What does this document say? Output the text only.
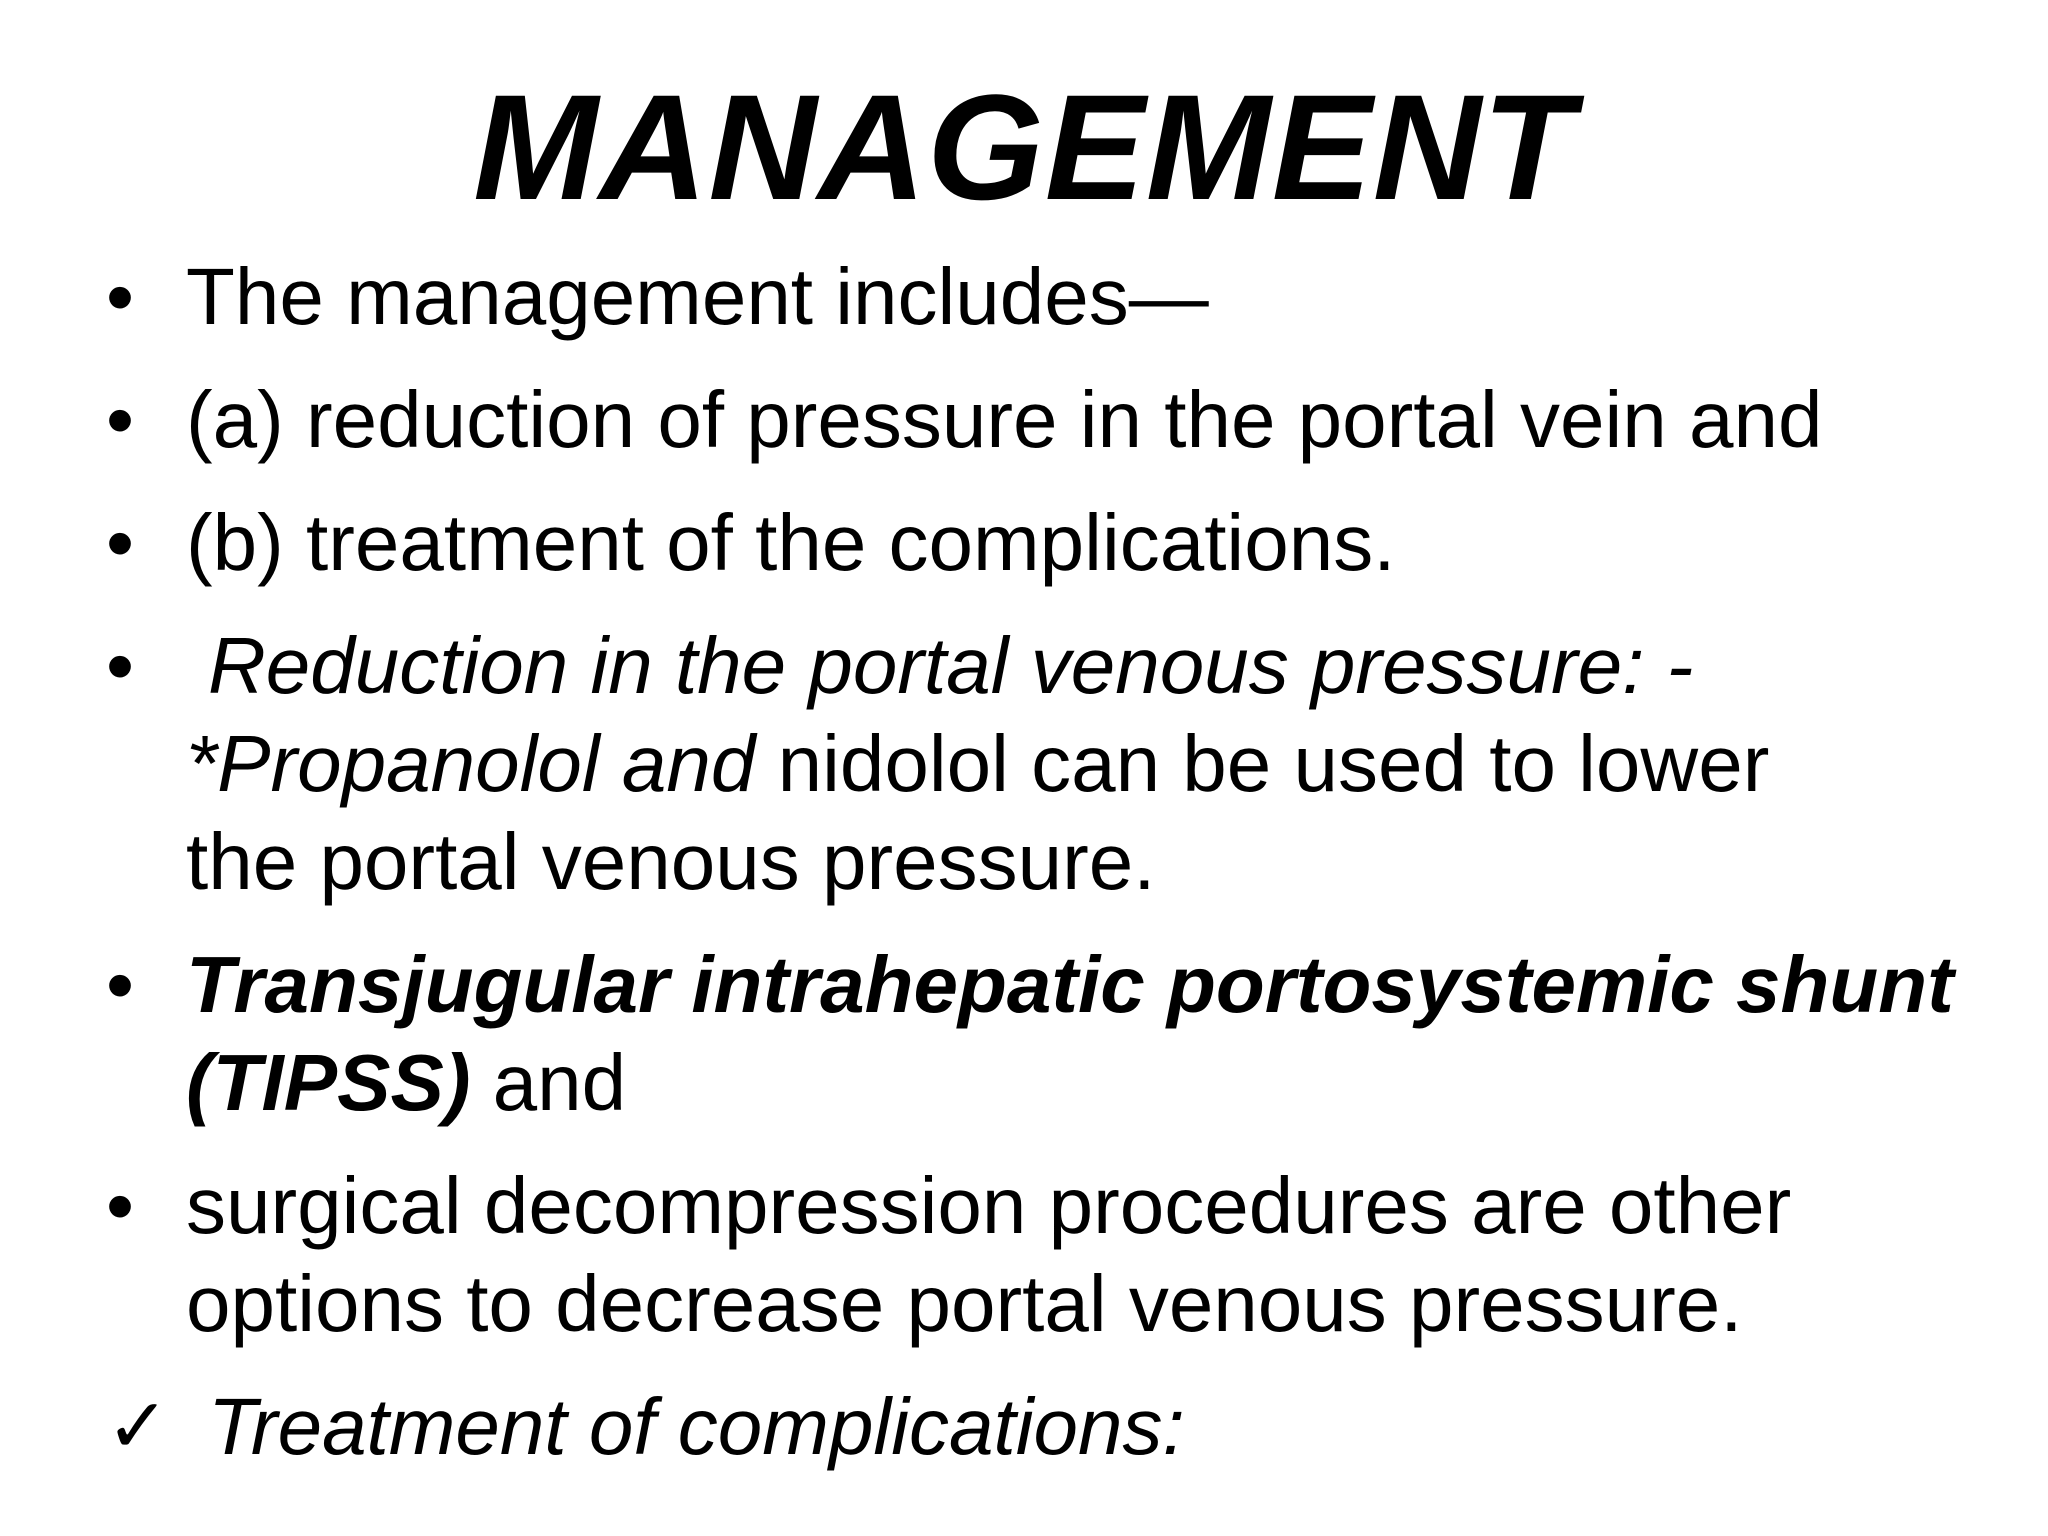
MANAGEMENT
• The management includes—
• (a) reduction of pressure in the portal vein and
• (b) treatment of the complications.
• Reduction in the portal venous pressure: -
*Propanolol and nidolol can be used to lower
the portal venous pressure.
• Transjugular intrahepatic portosystemic shunt
(TIPSS) and
• surgical decompression procedures are other
options to decrease portal venous pressure.
✓ Treatment of complications:
